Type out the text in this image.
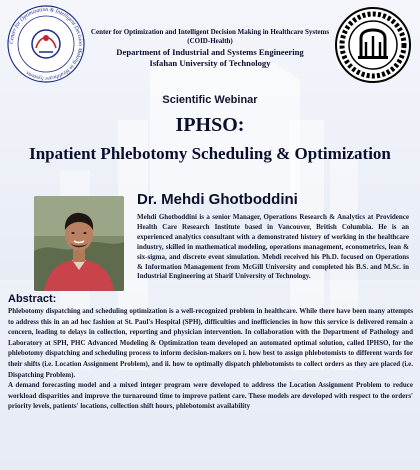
Center for Optimization & Intelligent Decision Making in Healthcare Systems
Center for Optimization and Intelligent Decision Making in Healthcare Systems
(COID-Health)
Department of Industrial and Systems Engineering
Isfahan University of Technology
Scientific Webinar
IPHSO:
Inpatient Phlebotomy Scheduling & Optimization
Dr. Mehdi Ghotboddini
Mehdi Ghotboddini is a senior Manager, Operations Research & Analytics at Providence Health Care Research Institute based in Vancouver, British Columbia. He is an experienced analytics consultant with a demonstrated history of working in the healthcare industry, skilled in mathematical modeling, operations management, econometrics, lean & six-sigma, and discrete event simulation. Mehdi received his Ph.D. focused on Operations & Information Management from McGill University and completed his B.S. and M.Sc. in Industrial Engineering at Sharif University of Technology.
Abstract:

Phlebotomy dispatching and scheduling optimization is a well-recognized problem in healthcare. While there have been many attempts to address this in an ad hoc fashion at St. Paul's Hospital (SPH), difficulties and inefficiencies in how this service is delivered remain a concern, leading to delays in collection, reporting and physician intervention. In collaboration with the Department of Pathology and Laboratory at SPH, PHC Advanced Modeling & Optimization team developed an automated optimal solution, called IPHSO, for the phlebotomy dispatching and scheduling process to inform decision-makers on i. how best to assign phlebotomists to different wards for their shifts (i.e. Location Assignment Problem), and ii. how to optimally dispatch phlebotomists to collect orders as they are placed (i.e. Dispatching Problem).

A demand forecasting model and a mixed integer program were developed to address the Location Assignment Problem to reduce workload disparities and improve the turnaround time to improve patient care. These models are developed with respect to the orders' priority levels, patients' locations, collection shift hours, phlebotomist availability
